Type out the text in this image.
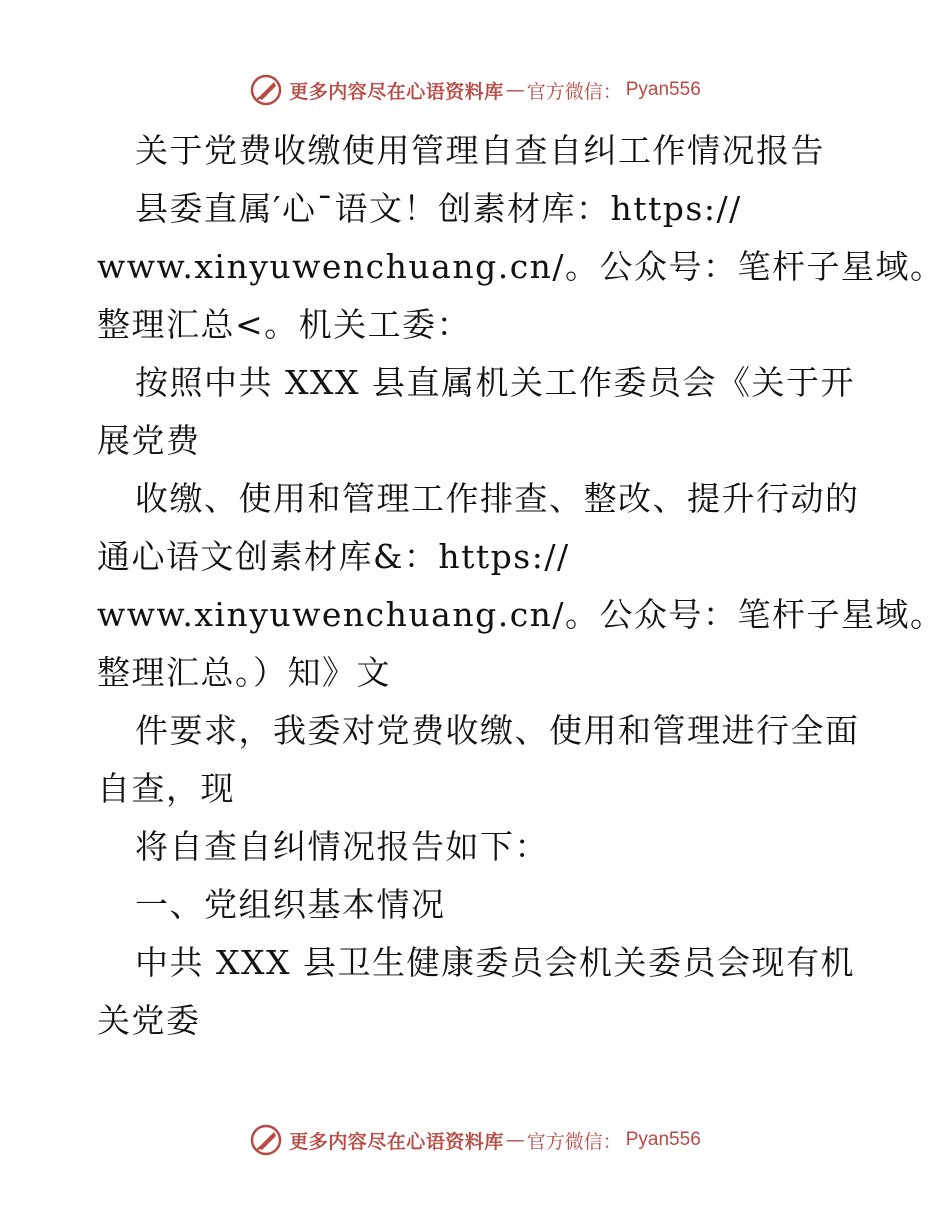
更多内容尽在心语资料库 — 官方微信： Pyan556
关于党费收缴使用管理自查自纠工作情况报告
县委直属′心¯语文！创素材库：https://
www.xinyuwenchuang.cn/。公众号：笔杆子星域。
整理汇总<。机关工委：
按照中共 XXX 县直属机关工作委员会《关于开
展党费
收缴、使用和管理工作排查、整改、提升行动的
通心语文创素材库&：https://
www.xinyuwenchuang.cn/。公众号：笔杆子星域。
整理汇总。）知》文
件要求，我委对党费收缴、使用和管理进行全面
自查，现
将自查自纠情况报告如下：
一、党组织基本情况
中共 XXX 县卫生健康委员会机关委员会现有机
关党委
更多内容尽在心语资料库 — 官方微信： Pyan556
